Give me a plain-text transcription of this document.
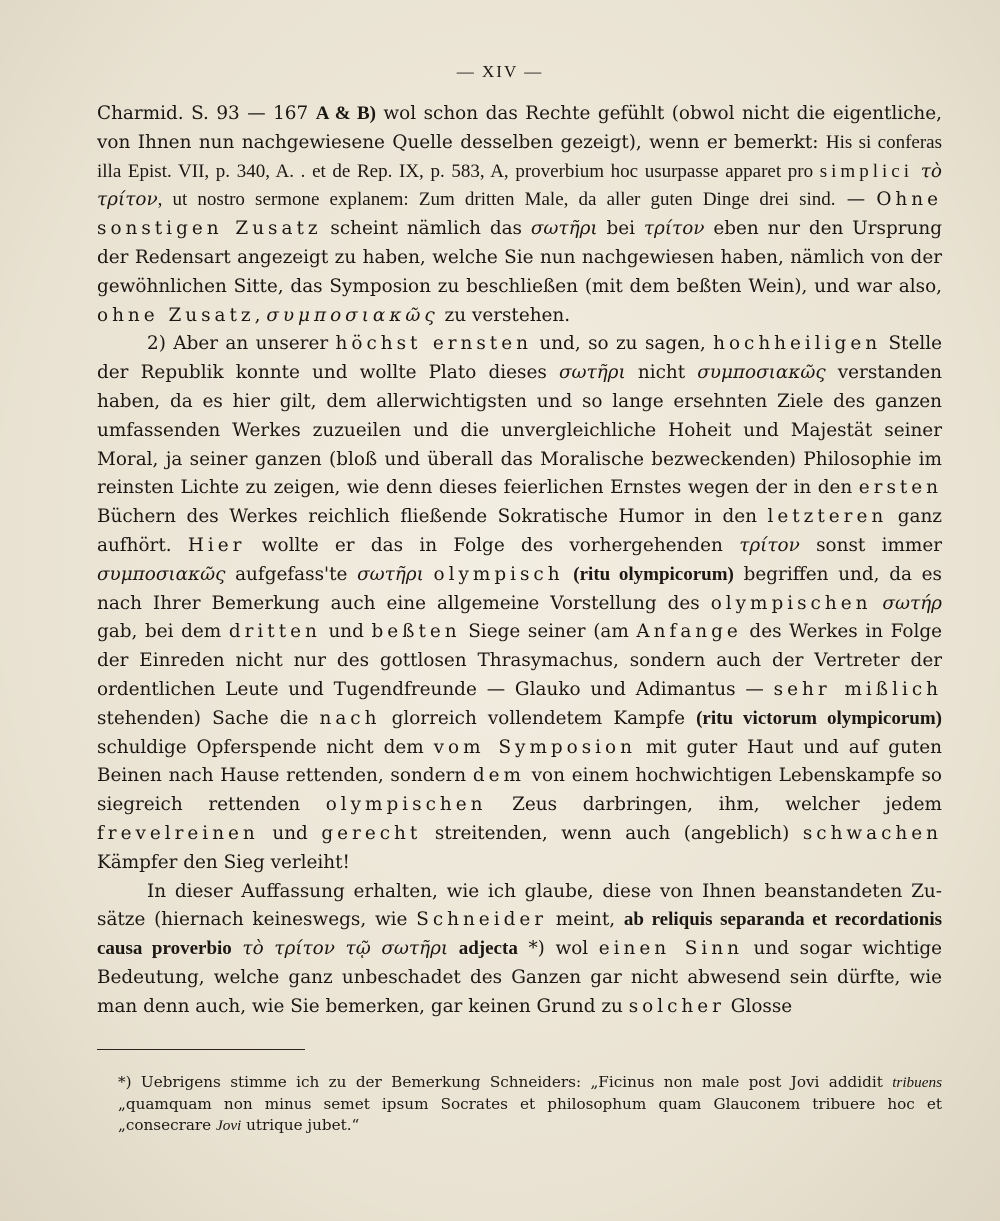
— XIV —

Charmid. S. 93 — 167 A & B) wol schon das Rechte gefühlt (obwol nicht die eigentliche, von Ihnen nun nachgewiesene Quelle desselben gezeigt), wenn er bemerkt: His si conferas illa Epist. VII, p. 340, A. . et de Rep. IX, p. 583, A, proverbium hoc usurpasse apparet pro simplici τὸ τρίτον, ut nostro sermone explanem: Zum dritten Male, da aller guten Dinge drei sind. — Ohne sonstigen Zusatz scheint nämlich das σωτῆρι bei τρίτον eben nur den Ursprung der Redensart angezeigt zu haben, welche Sie nun nachgewiesen haben, nämlich von der gewöhnlichen Sitte, das Symposion zu beschließen (mit dem beßten Wein), und war also, ohne Zusatz, συμποσιακῶς zu verstehen.

2) Aber an unserer höchst ernsten und, so zu sagen, hochheiligen Stelle der Republik konnte und wollte Plato dieses σωτῆρι nicht συμποσιακῶς verstanden haben, da es hier gilt, dem allerwichtigsten und so lange ersehnten Ziele des ganzen umfassenden Werkes zuzueilen und die unvergleichliche Hoheit und Majestät seiner Moral, ja seiner ganzen (bloß und überall das Moralische bezweckenden) Philosophie im reinsten Lichte zu zeigen, wie denn dieses feierlichen Ernstes wegen der in den ersten Büchern des Werkes reichlich fließende Sokratische Humor in den letzteren ganz aufhört. Hier wollte er das in Folge des vorhergehenden τρίτον sonst immer συμποσιακῶς aufgefass'te σωτῆρι olympisch (ritu olympicorum) begriffen und, da es nach Ihrer Bemerkung auch eine allgemeine Vorstellung des olympischen σωτήρ gab, bei dem dritten und beßten Siege seiner (am Anfange des Werkes in Folge der Einreden nicht nur des gottlosen Thrasymachus, sondern auch der Vertreter der ordentlichen Leute und Tugendfreunde — Glauko und Adimantus — sehr mißlich stehenden) Sache die nach glorreich vollendetem Kampfe (ritu victorum olympicorum) schuldige Opferspende nicht dem vom Symposion mit guter Haut und auf guten Beinen nach Hause rettenden, sondern dem von einem hochwichtigen Lebenskampfe so siegreich rettenden olympischen Zeus darbringen, ihm, welcher jedem frevelreinen und gerecht streitenden, wenn auch (angeblich) schwachen Kämpfer den Sieg verleiht!

In dieser Auffassung erhalten, wie ich glaube, diese von Ihnen beanstandeten Zusätze (hiernach keineswegs, wie Schneider meint, ab reliquis separanda et recordationis causa proverbio τὸ τρίτον τῷ σωτῆρι adjecta *) wol einen Sinn und sogar wichtige Bedeutung, welche ganz unbeschadet des Ganzen gar nicht abwesend sein dürfte, wie man denn auch, wie Sie bemerken, gar keinen Grund zu solcher Glosse

*) Uebrigens stimme ich zu der Bemerkung Schneiders: „Ficinus non male post Jovi addidit tribuens „quamquam non minus semet ipsum Socrates et philosophum quam Glauconem tribuere hoc et „consecrare Jovi utrique jubet.“
